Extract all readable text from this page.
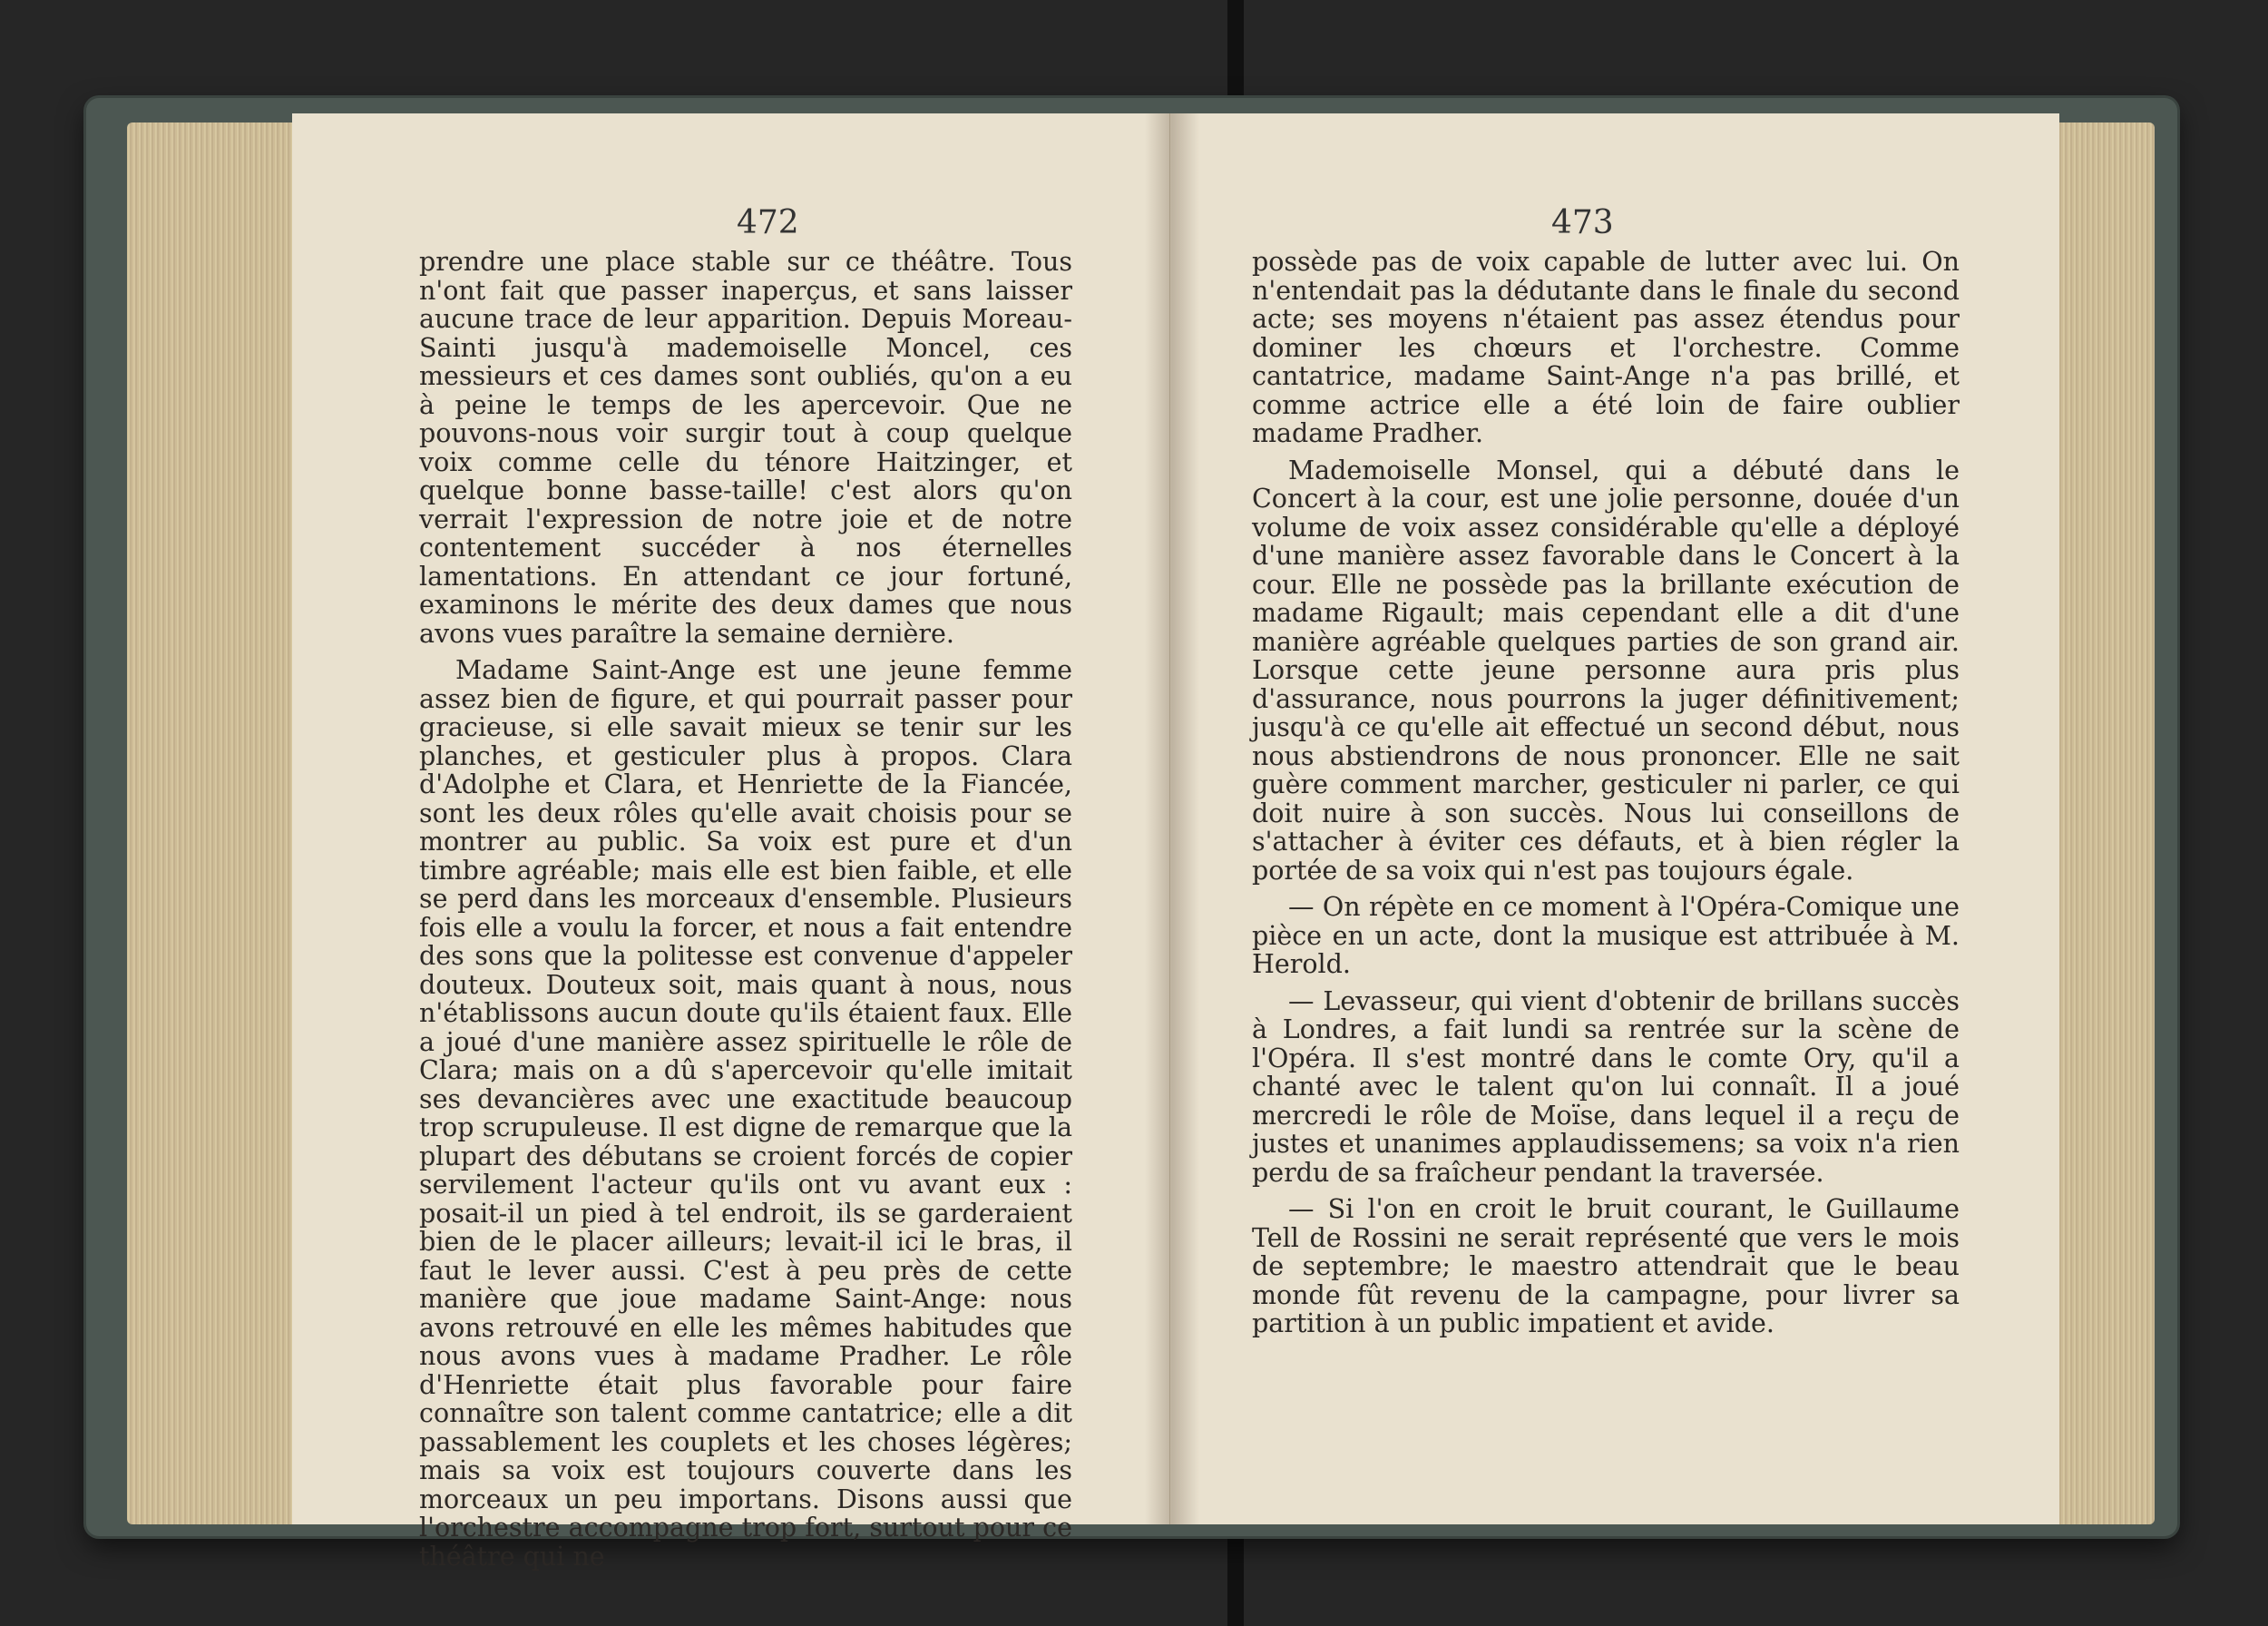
472

prendre une place stable sur ce théâtre. Tous n'ont fait que passer inaperçus, et sans laisser aucune trace de leur apparition. Depuis Moreau-Sainti jusqu'à mademoiselle Moncel, ces messieurs et ces dames sont oubliés, qu'on a eu à peine le temps de les apercevoir. Que ne pouvons-nous voir surgir tout à coup quelque voix comme celle du ténore Haitzinger, et quelque bonne basse-taille! c'est alors qu'on verrait l'expression de notre joie et de notre contentement succéder à nos éternelles lamentations. En attendant ce jour fortuné, examinons le mérite des deux dames que nous avons vues paraître la semaine dernière.

Madame Saint-Ange est une jeune femme assez bien de figure, et qui pourrait passer pour gracieuse, si elle savait mieux se tenir sur les planches, et gesticuler plus à propos. Clara d'Adolphe et Clara, et Henriette de la Fiancée, sont les deux rôles qu'elle avait choisis pour se montrer au public. Sa voix est pure et d'un timbre agréable; mais elle est bien faible, et elle se perd dans les morceaux d'ensemble. Plusieurs fois elle a voulu la forcer, et nous a fait entendre des sons que la politesse est convenue d'appeler douteux. Douteux soit, mais quant à nous, nous n'établissons aucun doute qu'ils étaient faux. Elle a joué d'une manière assez spirituelle le rôle de Clara; mais on a dû s'apercevoir qu'elle imitait ses devancières avec une exactitude beaucoup trop scrupuleuse. Il est digne de remarque que la plupart des débutans se croient forcés de copier servilement l'acteur qu'ils ont vu avant eux : posait-il un pied à tel endroit, ils se garderaient bien de le placer ailleurs; levait-il ici le bras, il faut le lever aussi. C'est à peu près de cette manière que joue madame Saint-Ange: nous avons retrouvé en elle les mêmes habitudes que nous avons vues à madame Pradher. Le rôle d'Henriette était plus favorable pour faire connaître son talent comme cantatrice; elle a dit passablement les couplets et les choses légères; mais sa voix est toujours couverte dans les morceaux un peu importans. Disons aussi que l'orchestre accompagne trop fort, surtout pour ce théâtre qui ne

473

possède pas de voix capable de lutter avec lui. On n'entendait pas la dédutante dans le finale du second acte; ses moyens n'étaient pas assez étendus pour dominer les chœurs et l'orchestre. Comme cantatrice, madame Saint-Ange n'a pas brillé, et comme actrice elle a été loin de faire oublier madame Pradher.

Mademoiselle Monsel, qui a débuté dans le Concert à la cour, est une jolie personne, douée d'un volume de voix assez considérable qu'elle a déployé d'une manière assez favorable dans le Concert à la cour. Elle ne possède pas la brillante exécution de madame Rigault; mais cependant elle a dit d'une manière agréable quelques parties de son grand air. Lorsque cette jeune personne aura pris plus d'assurance, nous pourrons la juger définitivement; jusqu'à ce qu'elle ait effectué un second début, nous nous abstiendrons de nous prononcer. Elle ne sait guère comment marcher, gesticuler ni parler, ce qui doit nuire à son succès. Nous lui conseillons de s'attacher à éviter ces défauts, et à bien régler la portée de sa voix qui n'est pas toujours égale.

— On répète en ce moment à l'Opéra-Comique une pièce en un acte, dont la musique est attribuée à M. Herold.

— Levasseur, qui vient d'obtenir de brillans succès à Londres, a fait lundi sa rentrée sur la scène de l'Opéra. Il s'est montré dans le comte Ory, qu'il a chanté avec le talent qu'on lui connaît. Il a joué mercredi le rôle de Moïse, dans lequel il a reçu de justes et unanimes applaudissemens; sa voix n'a rien perdu de sa fraîcheur pendant la traversée.

— Si l'on en croit le bruit courant, le Guillaume Tell de Rossini ne serait représenté que vers le mois de septembre; le maestro attendrait que le beau monde fût revenu de la campagne, pour livrer sa partition à un public impatient et avide.
